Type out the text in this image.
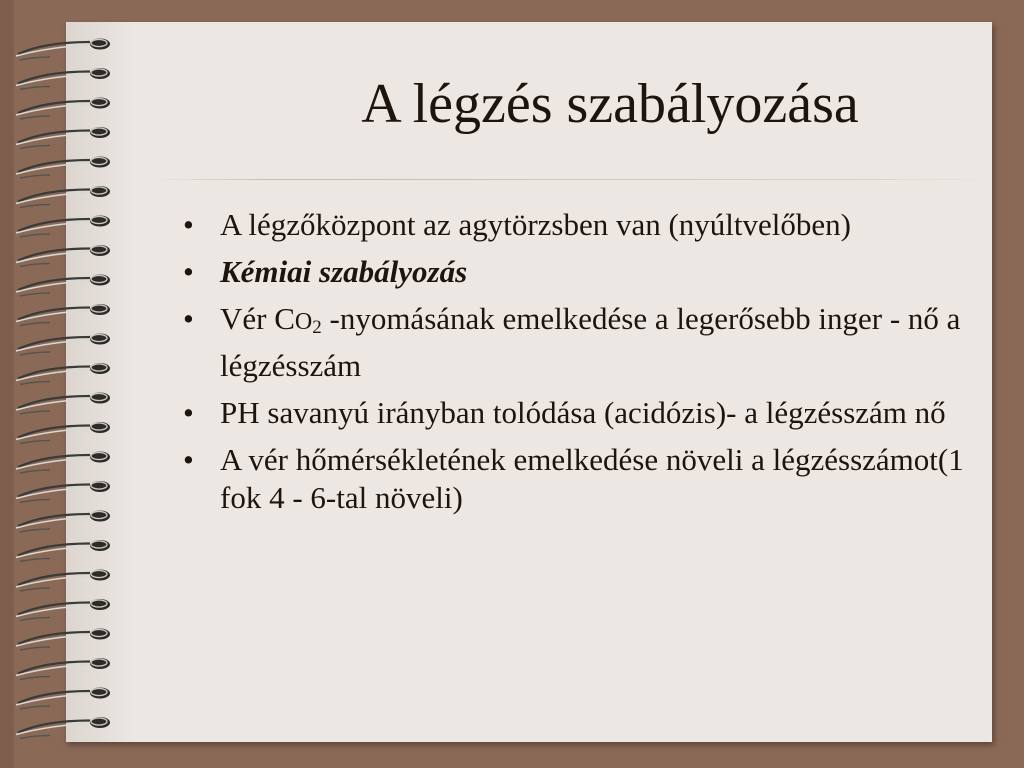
A légzés szabályozása
• A légzőközpont az agytörzsben van (nyúltvelőben)
• Kémiai szabályozás
• Vér $CO_2$ -nyomásának emelkedése a legerősebb inger - nő a légzésszám
• PH savanyú irányban tolódása (acidózis)- a légzésszám nő
• A vér hőmérsékletének emelkedése növeli a légzésszámot(1 fok 4 - 6-tal növeli)
